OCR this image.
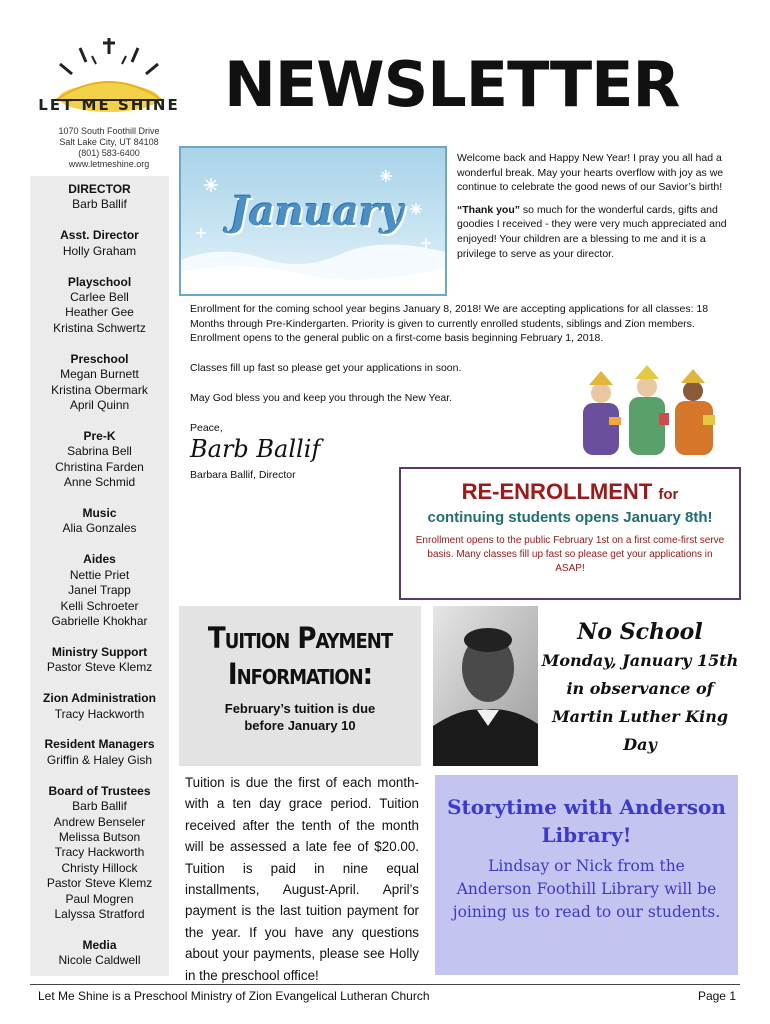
LET ME SHINE
1070 South Foothill Drive
Salt Lake City, UT 84108
(801) 583-6400
www.letmeshine.org
NEWSLETTER
DIRECTOR
Barb Ballif
Asst. Director
Holly Graham
Playschool
Carlee Bell
Heather Gee
Kristina Schwertz
Preschool
Megan Burnett
Kristina Obermark
April Quinn
Pre-K
Sabrina Bell
Christina Farden
Anne Schmid
Music
Alia Gonzales
Aides
Nettie Priet
Janel Trapp
Kelli Schroeter
Gabrielle Khokhar
Ministry Support
Pastor Steve Klemz
Zion Administration
Tracy Hackworth
Resident Managers
Griffin & Haley Gish
Board of Trustees
Barb Ballif
Andrew Benseler
Melissa Butson
Tracy Hackworth
Christy Hillock
Pastor Steve Klemz
Paul Mogren
Lalyssa Stratford
Media
Nicole Caldwell
January
Welcome back and Happy New Year! I pray you all had a wonderful break. May your hearts overflow with joy as we continue to celebrate the good news of our Savior’s birth!
“Thank you” so much for the wonderful cards, gifts and goodies I received - they were very much appreciated and enjoyed! Your children are a blessing to me and it is a privilege to serve as your director.
Enrollment for the coming school year begins January 8, 2018! We are accepting applications for all classes: 18 Months through Pre-Kindergarten. Priority is given to currently enrolled students, siblings and Zion members. Enrollment opens to the general public on a first-come basis beginning February 1, 2018.
Classes fill up fast so please get your applications in soon.
May God bless you and keep you through the New Year.
Peace,
Barb Ballif
Barbara Ballif, Director
RE-ENROLLMENT for
continuing students opens January 8th!
Enrollment opens to the public February 1st on a first come-first serve basis. Many classes fill up fast so please get your applications in ASAP!
Tuition Payment
Information:
February’s tuition is due
before January 10
Tuition is due the first of each month-with a ten day grace period. Tuition received after the tenth of the month will be assessed a late fee of $20.00. Tuition is paid in nine equal installments, August-April. April’s payment is the last tuition payment for the year. If you have any questions about your payments, please see Holly in the preschool office!
No School
Monday, January 15th
in observance of
Martin Luther King
Day
Storytime with Anderson Library!
Lindsay or Nick from the Anderson Foothill Library will be joining us to read to our students.
Let Me Shine is a Preschool Ministry of Zion Evangelical Lutheran Church	Page 1
